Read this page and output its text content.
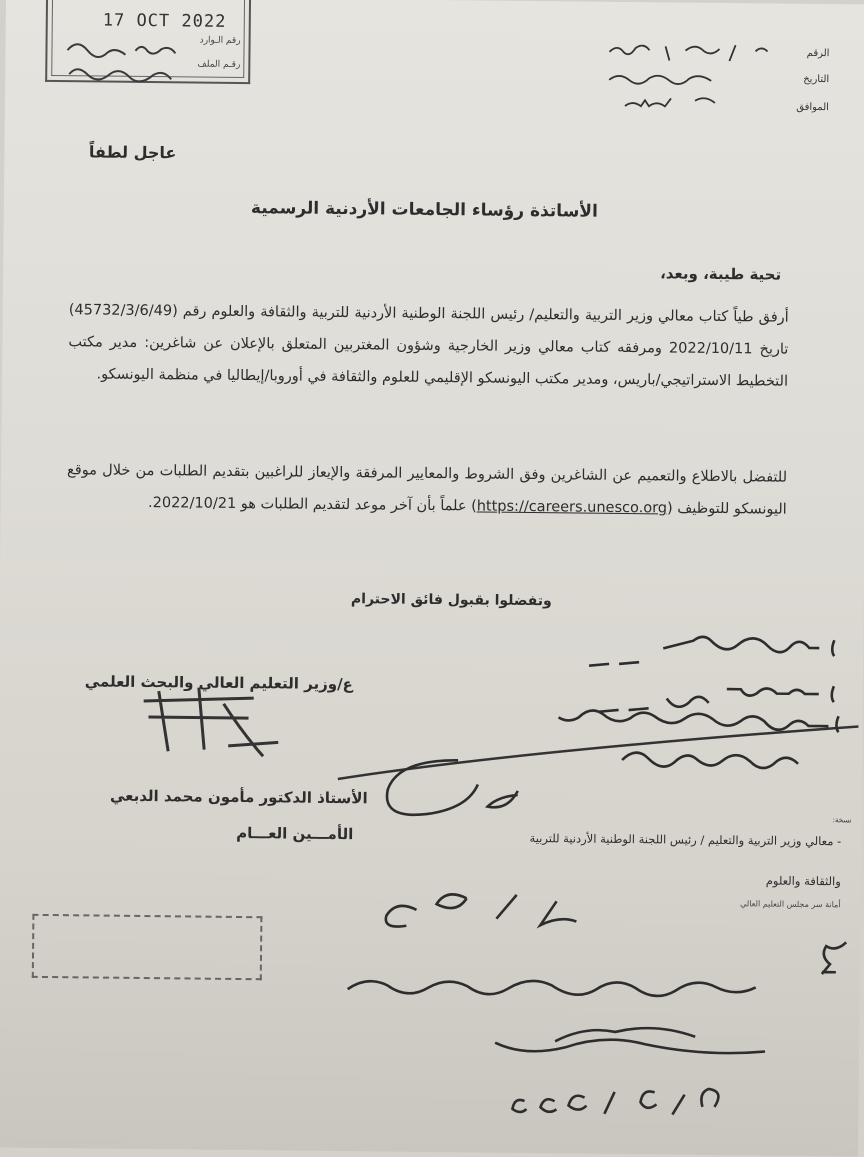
17 OCT 2022
رقم الـوارد
رقـم الملف
الرقم
التاريخ
الموافق
عاجل لطفاً
الأساتذة رؤساء الجامعات الأردنية الرسمية
تحية طيبة، وبعد،
أرفق طياً كتاب معالي وزير التربية والتعليم/ رئيس اللجنة الوطنية الأردنية للتربية والثقافة والعلوم رقم (45732/3/6/49) تاريخ 2022/10/11 ومرفقه كتاب معالي وزير الخارجية وشؤون المغتربين المتعلق بالإعلان عن شاغرين: مدير مكتب التخطيط الاستراتيجي/باريس، ومدير مكتب اليونسكو الإقليمي للعلوم والثقافة في أوروبا/إيطاليا في منظمة اليونسكو.
للتفضل بالاطلاع والتعميم عن الشاغرين وفق الشروط والمعايير المرفقة والإيعاز للراغبين بتقديم الطلبات من خلال موقع اليونسكو للتوظيف (https://careers.unesco.org) علماً بأن آخر موعد لتقديم الطلبات هو 2022/10/21.
وتفضلوا بقبول فائق الاحترام
ع/وزير التعليم العالي والبحث العلمي
الأستاذ الدكتور مأمون محمد الدبعي
الأمـــين العـــام
نسخة:
- معالي وزير التربية والتعليم / رئيس اللجنة الوطنية الأردنية للتربية
والثقافة والعلوم
أمانة سر مجلس التعليم العالي
